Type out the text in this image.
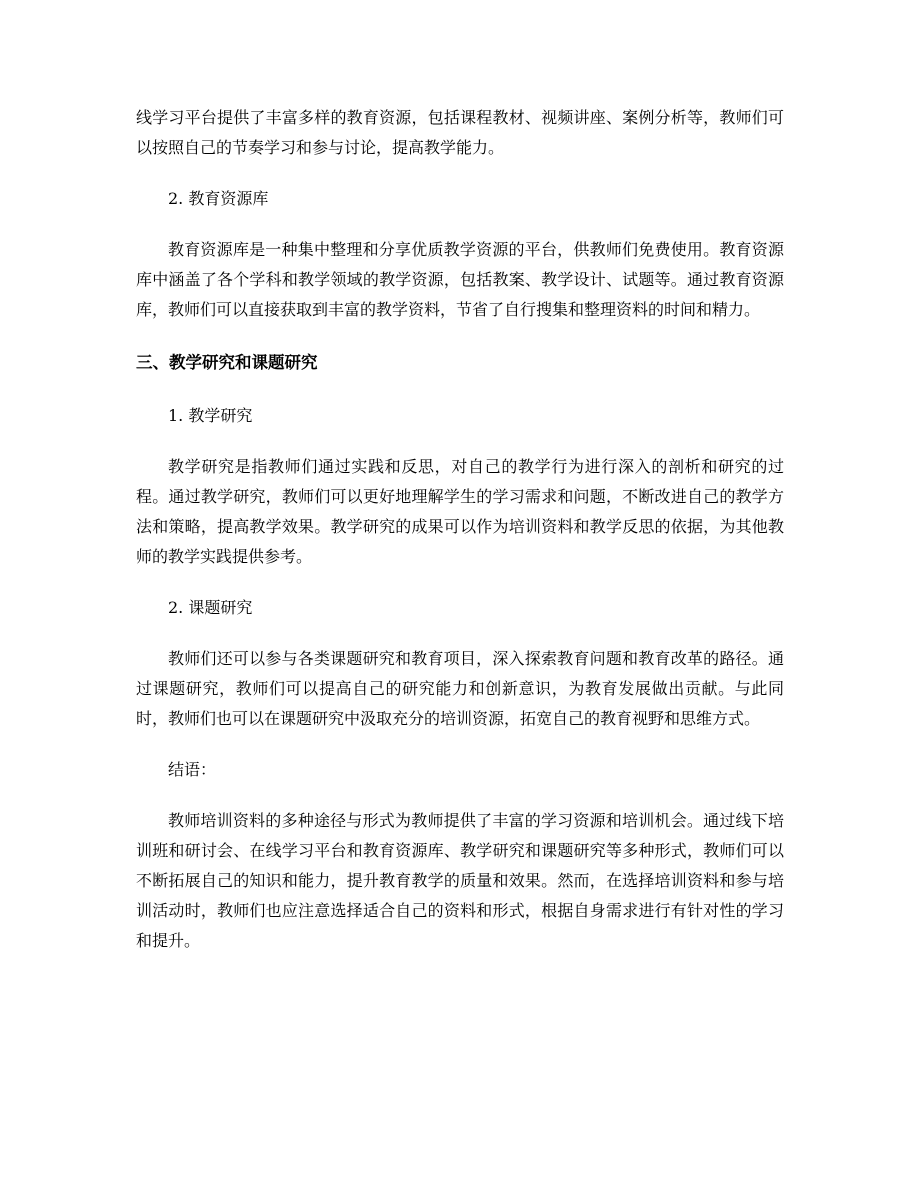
线学习平台提供了丰富多样的教育资源，包括课程教材、视频讲座、案例分析等，教师们可以按照自己的节奏学习和参与讨论，提高教学能力。

2. 教育资源库

教育资源库是一种集中整理和分享优质教学资源的平台，供教师们免费使用。教育资源库中涵盖了各个学科和教学领域的教学资源，包括教案、教学设计、试题等。通过教育资源库，教师们可以直接获取到丰富的教学资料，节省了自行搜集和整理资料的时间和精力。

三、教学研究和课题研究

1. 教学研究

教学研究是指教师们通过实践和反思，对自己的教学行为进行深入的剖析和研究的过程。通过教学研究，教师们可以更好地理解学生的学习需求和问题，不断改进自己的教学方法和策略，提高教学效果。教学研究的成果可以作为培训资料和教学反思的依据，为其他教师的教学实践提供参考。

2. 课题研究

教师们还可以参与各类课题研究和教育项目，深入探索教育问题和教育改革的路径。通过课题研究，教师们可以提高自己的研究能力和创新意识，为教育发展做出贡献。与此同时，教师们也可以在课题研究中汲取充分的培训资源，拓宽自己的教育视野和思维方式。

结语：

教师培训资料的多种途径与形式为教师提供了丰富的学习资源和培训机会。通过线下培训班和研讨会、在线学习平台和教育资源库、教学研究和课题研究等多种形式，教师们可以不断拓展自己的知识和能力，提升教育教学的质量和效果。然而，在选择培训资料和参与培训活动时，教师们也应注意选择适合自己的资料和形式，根据自身需求进行有针对性的学习和提升。
